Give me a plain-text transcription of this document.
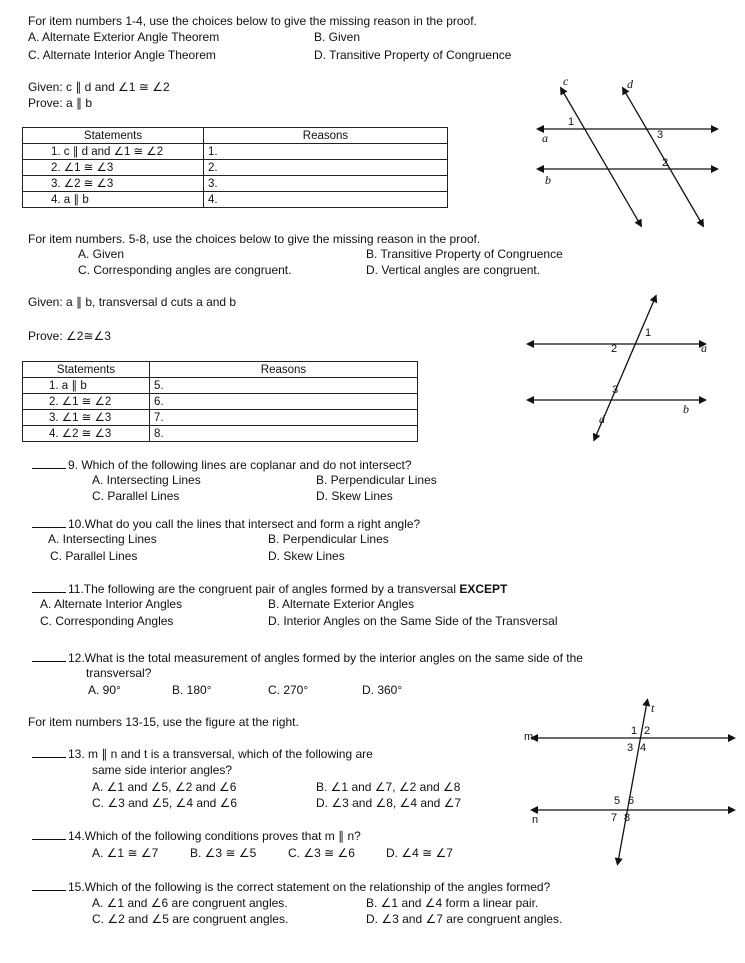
For item numbers 1-4, use the choices below to give the missing reason in the proof.
A. Alternate Exterior Angle Theorem	B. Given
C. Alternate Interior Angle Theorem	D. Transitive Property of Congruence
Given: c ∥ d and ∠1 ≅ ∠2
Prove: a ∥ b
Statements	Reasons
1. c ∥ d and ∠1 ≅ ∠2	1.
2. ∠1 ≅ ∠3	2.
3. ∠2 ≅ ∠3	3.
4. a ∥ b	4.
c	d
a
b
1
2
3
For item numbers. 5-8, use the choices below to give the missing reason in the proof.
A. Given	B. Transitive Property of Congruence
C. Corresponding angles are congruent.	D. Vertical angles are congruent.
Given: a ∥ b, transversal d cuts a and b
Prove: ∠2≅∠3
Statements	Reasons
1. a ∥ b	5.
2. ∠1 ≅ ∠2	6.
3. ∠1 ≅ ∠3	7.
4. ∠2 ≅ ∠3	8.
1
2
3
a
b
d
9. Which of the following lines are coplanar and do not intersect?
A. Intersecting Lines	B. Perpendicular Lines
C. Parallel Lines	D. Skew Lines
10.What do you call the lines that intersect and form a right angle?
A. Intersecting Lines	B. Perpendicular Lines
C. Parallel Lines	D. Skew Lines
11.The following are the congruent pair of angles formed by a transversal EXCEPT
A. Alternate Interior Angles	B. Alternate Exterior Angles
C. Corresponding Angles	D. Interior Angles on the Same Side of the Transversal
12.What is the total measurement of angles formed by the interior angles on the same side of the
transversal?
A. 90°	B. 180°	C. 270°	D. 360°
For item numbers 13-15, use the figure at the right.
13. m ∥ n and t is a transversal, which of the following are
same side interior angles?
A. ∠1 and ∠5, ∠2 and ∠6	B. ∠1 and ∠7, ∠2 and ∠8
C. ∠3 and ∠5, ∠4 and ∠6	D. ∠3 and ∠8, ∠4 and ∠7
14.Which of the following conditions proves that m ∥ n?
A. ∠1 ≅ ∠7	B. ∠3 ≅ ∠5	C. ∠3 ≅ ∠6	D. ∠4 ≅ ∠7
t
m
n
1 2
3 4
5 6
7 8
15.Which of the following is the correct statement on the relationship of the angles formed?
A. ∠1 and ∠6 are congruent angles.	B. ∠1 and ∠4 form a linear pair.
C. ∠2 and ∠5 are congruent angles.	D. ∠3 and ∠7 are congruent angles.
